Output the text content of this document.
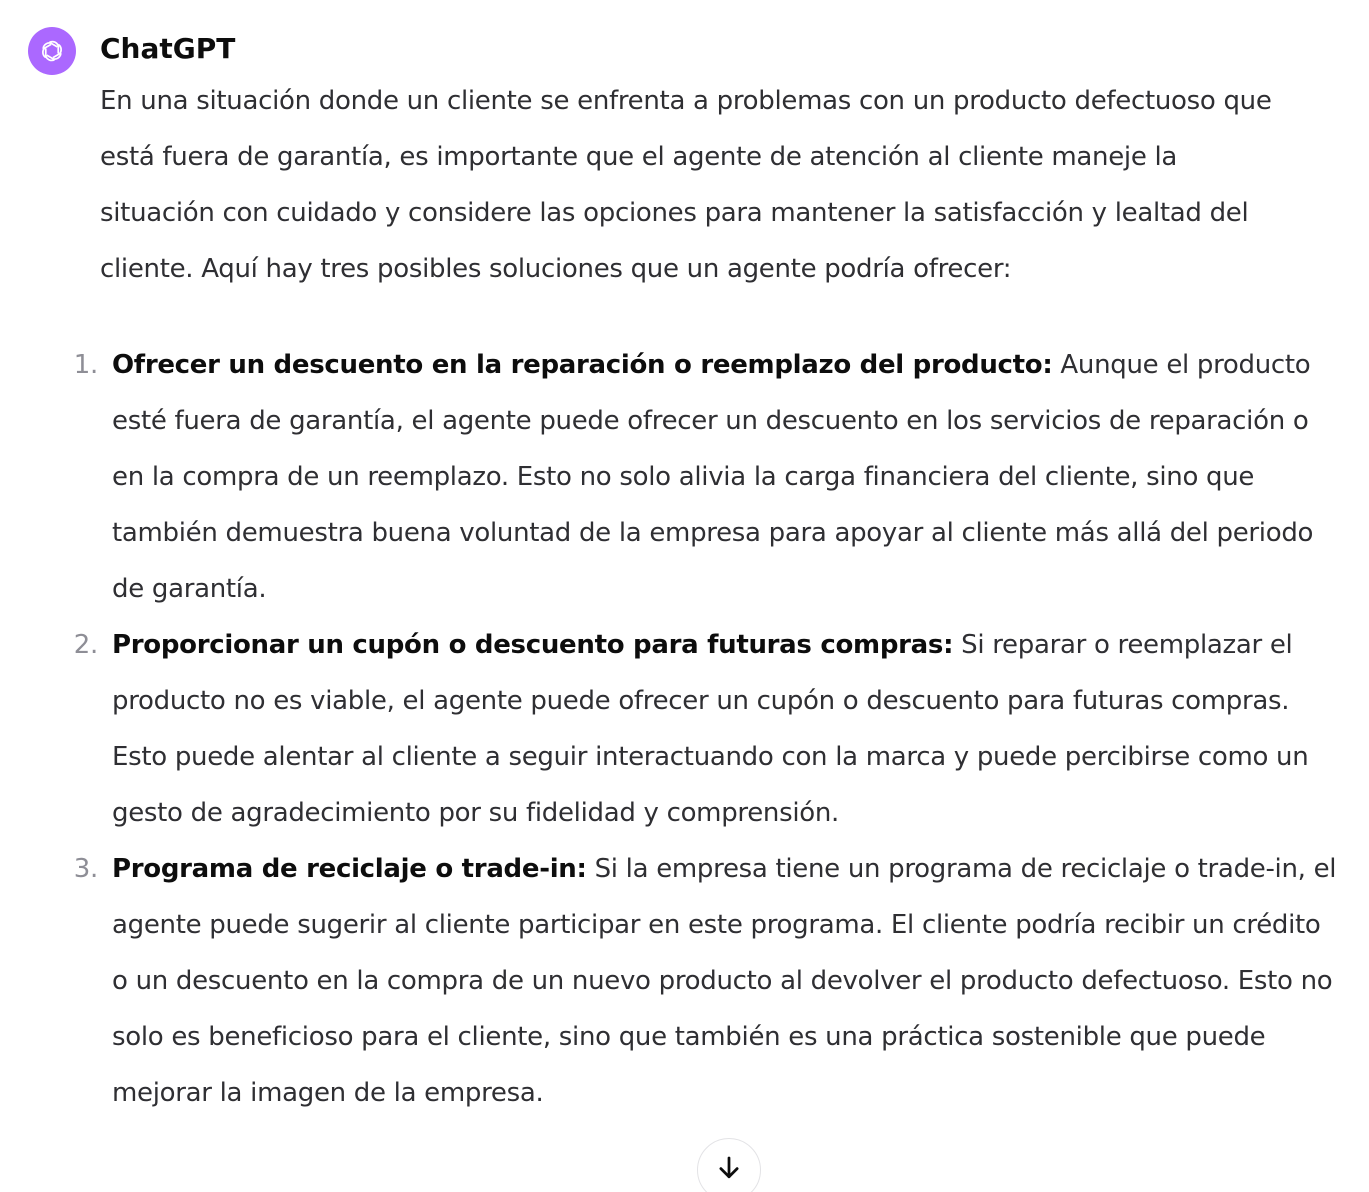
ChatGPT

En una situación donde un cliente se enfrenta a problemas con un producto defectuoso que está fuera de garantía, es importante que el agente de atención al cliente maneje la situación con cuidado y considere las opciones para mantener la satisfacción y lealtad del cliente. Aquí hay tres posibles soluciones que un agente podría ofrecer:

1. Ofrecer un descuento en la reparación o reemplazo del producto: Aunque el producto esté fuera de garantía, el agente puede ofrecer un descuento en los servicios de reparación o en la compra de un reemplazo. Esto no solo alivia la carga financiera del cliente, sino que también demuestra buena voluntad de la empresa para apoyar al cliente más allá del periodo de garantía.
2. Proporcionar un cupón o descuento para futuras compras: Si reparar o reemplazar el producto no es viable, el agente puede ofrecer un cupón o descuento para futuras compras. Esto puede alentar al cliente a seguir interactuando con la marca y puede percibirse como un gesto de agradecimiento por su fidelidad y comprensión.
3. Programa de reciclaje o trade-in: Si la empresa tiene un programa de reciclaje o trade-in, el agente puede sugerir al cliente participar en este programa. El cliente podría recibir un crédito o un descuento en la compra de un nuevo producto al devolver el producto defectuoso. Esto no solo es beneficioso para el cliente, sino que también es una práctica sostenible que puede mejorar la imagen de la empresa.
